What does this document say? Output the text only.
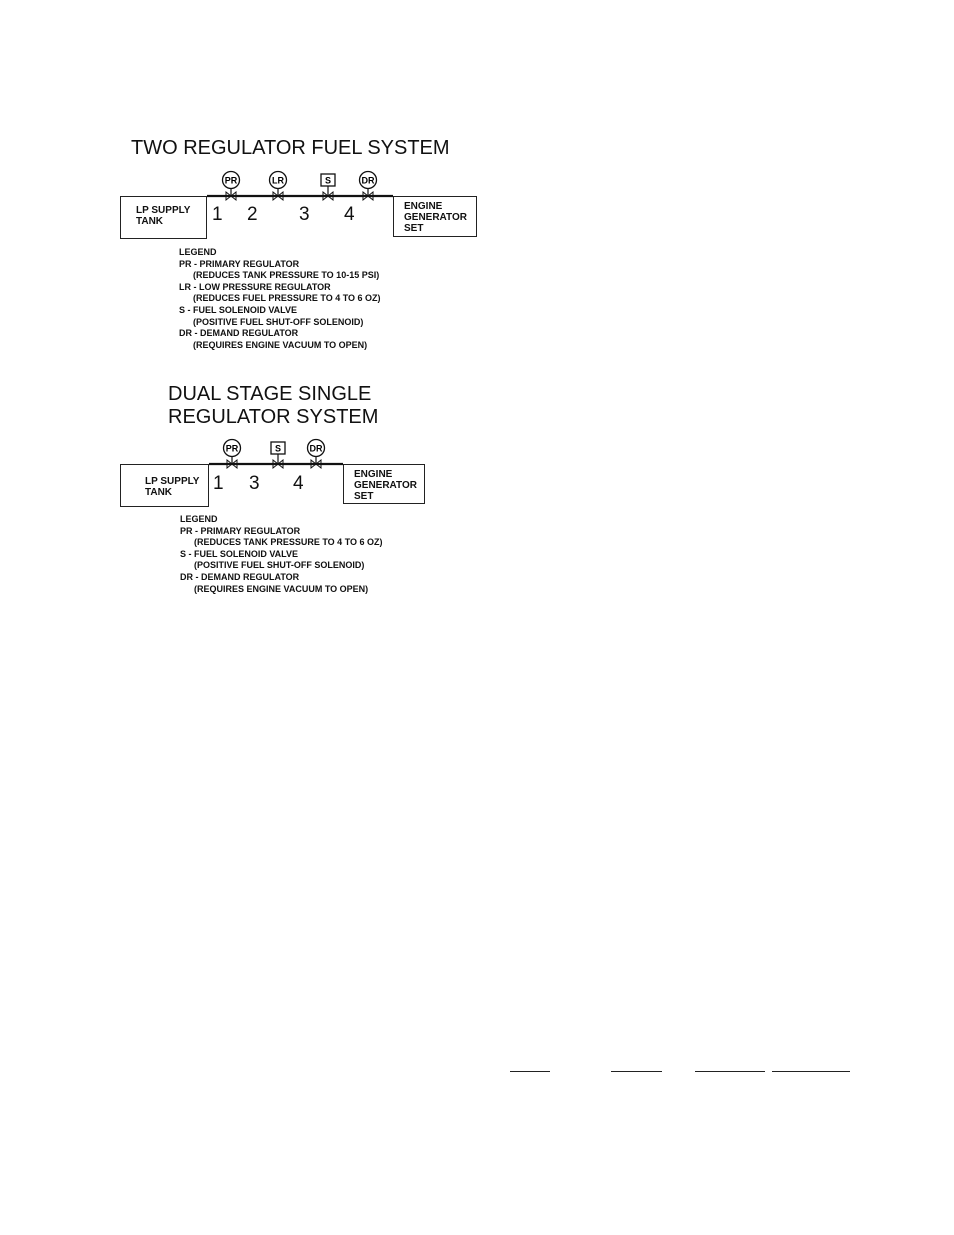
TWO REGULATOR FUEL SYSTEM
PR	LR	S	DR
LP SUPPLY
TANK
ENGINE
GENERATOR
SET
1 2 3 4
LEGEND
PR - PRIMARY REGULATOR
(REDUCES TANK PRESSURE TO 10-15 PSI)
LR - LOW PRESSURE REGULATOR
(REDUCES FUEL PRESSURE TO 4 TO 6 OZ)
S - FUEL SOLENOID VALVE
(POSITIVE FUEL SHUT-OFF SOLENOID)
DR - DEMAND REGULATOR
(REQUIRES ENGINE VACUUM TO OPEN)
DUAL STAGE SINGLE
REGULATOR SYSTEM
PR	S	DR
LP SUPPLY
TANK
ENGINE
GENERATOR
SET
1 3 4
LEGEND
PR - PRIMARY REGULATOR
(REDUCES TANK PRESSURE TO 4 TO 6 OZ)
S - FUEL SOLENOID VALVE
(POSITIVE FUEL SHUT-OFF SOLENOID)
DR - DEMAND REGULATOR
(REQUIRES ENGINE VACUUM TO OPEN)
